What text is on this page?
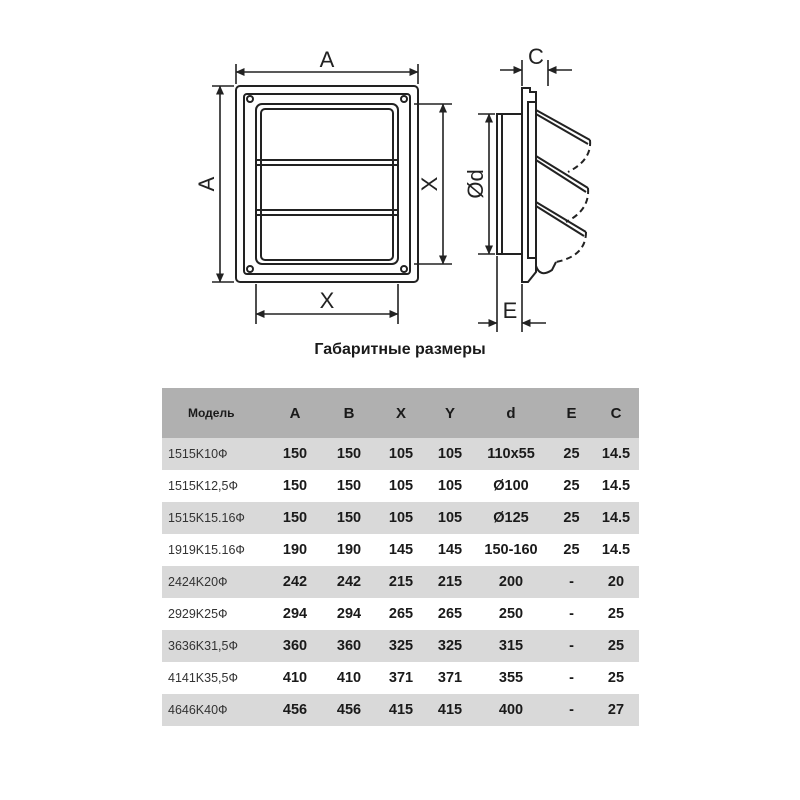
A
A	X
X
C
Ød
E
Габаритные размеры
Модель	A	B	X	Y	d	E	C
1515K10Ф	150	150	105	105	110x55	25	14.5
1515K12,5Ф	150	150	105	105	Ø100	25	14.5
1515K15.16Ф	150	150	105	105	Ø125	25	14.5
1919K15.16Ф	190	190	145	145	150-160	25	14.5
2424K20Ф	242	242	215	215	200	-	20
2929K25Ф	294	294	265	265	250	-	25
3636K31,5Ф	360	360	325	325	315	-	25
4141K35,5Ф	410	410	371	371	355	-	25
4646K40Ф	456	456	415	415	400	-	27
